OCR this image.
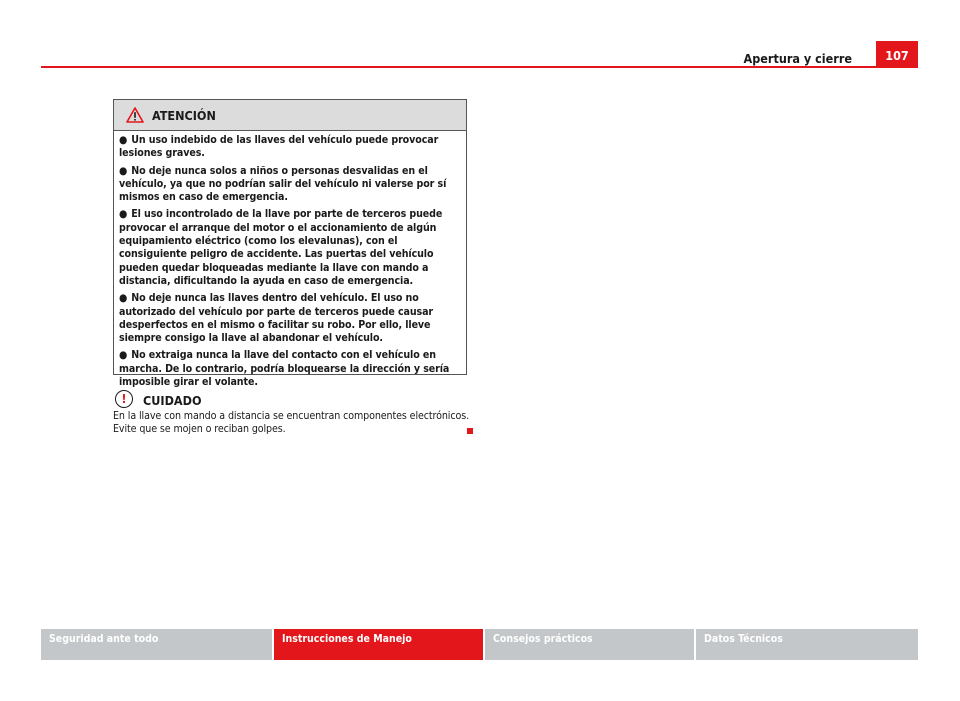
Apertura y cierre	107
ATENCIÓN
● Un uso indebido de las llaves del vehículo puede provocar lesiones graves.
● No deje nunca solos a niños o personas desvalidas en el vehículo, ya que no podrían salir del vehículo ni valerse por sí mismos en caso de emergencia.
● El uso incontrolado de la llave por parte de terceros puede provocar el arranque del motor o el accionamiento de algún equipamiento eléctrico (como los elevalunas), con el consiguiente peligro de accidente. Las puertas del vehículo pueden quedar bloqueadas mediante la llave con mando a distancia, dificultando la ayuda en caso de emergencia.
● No deje nunca las llaves dentro del vehículo. El uso no autorizado del vehículo por parte de terceros puede causar desperfectos en el mismo o facilitar su robo. Por ello, lleve siempre consigo la llave al abandonar el vehículo.
● No extraiga nunca la llave del contacto con el vehículo en marcha. De lo contrario, podría bloquearse la dirección y sería imposible girar el volante.
!	CUIDADO
En la llave con mando a distancia se encuentran componentes electrónicos. Evite que se mojen o reciban golpes.
Seguridad ante todo	Instrucciones de Manejo	Consejos prácticos	Datos Técnicos
